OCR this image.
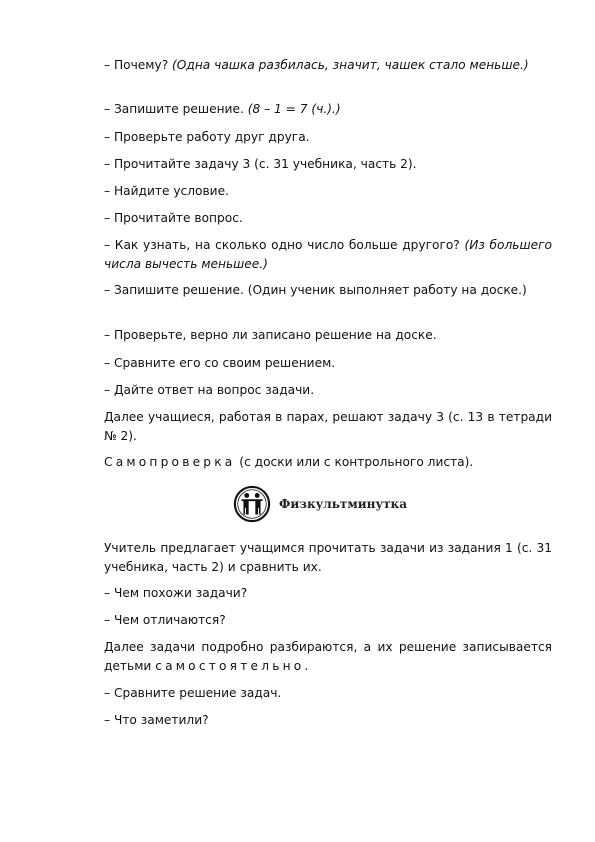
– Почему? (Одна чашка разбилась, значит, чашек стало меньше.)

– Запишите решение. (8 – 1 = 7 (ч.).)

– Проверьте работу друг друга.

– Прочитайте задачу 3 (с. 31 учебника, часть 2).

– Найдите условие.

– Прочитайте вопрос.

– Как узнать, на сколько одно число больше другого? (Из большего числа вычесть меньшее.)

– Запишите решение. (Один ученик выполняет работу на доске.)

– Проверьте, верно ли записано решение на доске.

– Сравните его со своим решением.

– Дайте ответ на вопрос задачи.

Далее учащиеся, работая в парах, решают задачу 3 (с. 13 в тетради № 2).

Самопроверка (с доски или с контрольного листа).

Физкультминутка

Учитель предлагает учащимся прочитать задачи из задания 1 (с. 31 учебника, часть 2) и сравнить их.

– Чем похожи задачи?

– Чем отличаются?

Далее задачи подробно разбираются, а их решение записывается детьми самостоятельно.

– Сравните решение задач.

– Что заметили?
